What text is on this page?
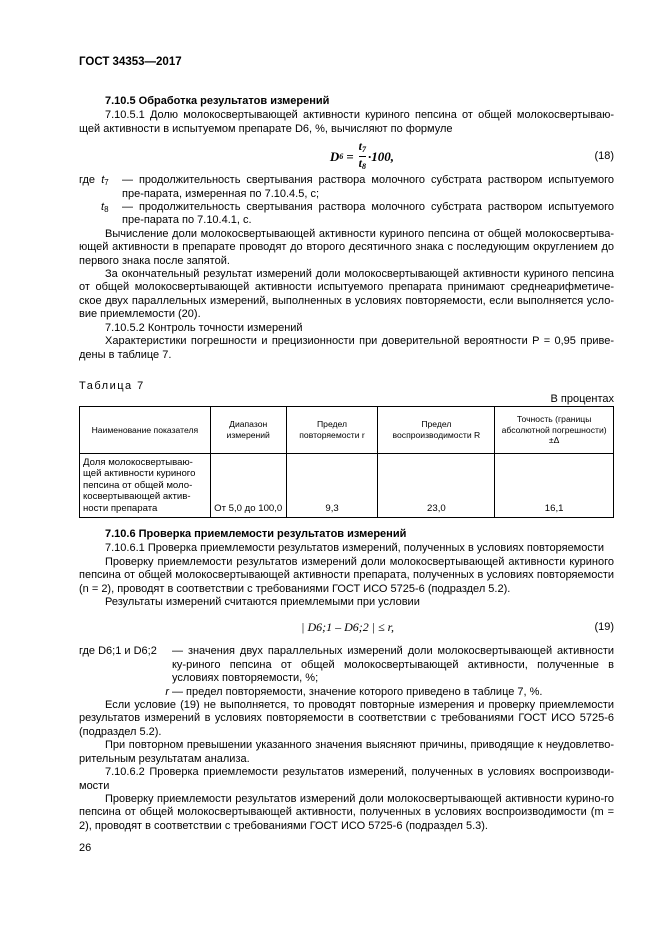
ГОСТ 34353—2017

7.10.5 Обработка результатов измерений

7.10.5.1 Долю молокосвертывающей активности куриного пепсина от общей молокосвертываю-щей активности в испытуемом препарате D6, %, вычисляют по формуле

D $6 = \frac{t_7}{t_8} \cdot 100$,	(18)
где $t_7$	— продолжительность свертывания раствора молочного субстрата раствором испытуемого пре-парата, измеренная по 7.10.4.5, с;
$t_8$	— продолжительность свертывания раствора молочного субстрата раствором испытуемого пре-парата по 7.10.4.1, с.

Вычисление доли молокосвертывающей активности куриного пепсина от общей молокосвертыва-ющей активности в препарате проводят до второго десятичного знака с последующим округлением до первого знака после запятой.

За окончательный результат измерений доли молокосвертывающей активности куриного пепсина от общей молокосвертывающей активности испытуемого препарата принимают среднеарифметиче-ское двух параллельных измерений, выполненных в условиях повторяемости, если выполняется усло-вие приемлемости (20).

7.10.5.2 Контроль точности измерений

Характеристики погрешности и прецизионности при доверительной вероятности P = 0,95 приве-дены в таблице 7.

Таблица 7
В процентах
Наименование показателя	Диапазон измерений	Предел повторяемости r	Предел воспроизводимости R	Точность (границы абсолютной погрешности) ±Δ
Доля молокосвертываю-щей активности куриного пепсина от общей моло-косвертывающей актив-ности препарата	От 5,0 до 100,0	9,3	23,0	16,1

7.10.6 Проверка приемлемости результатов измерений

7.10.6.1 Проверка приемлемости результатов измерений, полученных в условиях повторяемости

Проверку приемлемости результатов измерений доли молокосвертывающей активности куриного пепсина от общей молокосвертывающей активности препарата, полученных в условиях повторяемости (n = 2), проводят в соответствии с требованиями ГОСТ ИСО 5725-6 (подраздел 5.2).

Результаты измерений считаются приемлемыми при условии

| D6;1 – D6;2 | ≤ r,	(19)
где D6;1 и D6;2	— значения двух параллельных измерений доли молокосвертывающей активности ку-риного пепсина от общей молокосвертывающей активности, полученные в условиях повторяемости, %;
r — предел повторяемости, значение которого приведено в таблице 7, %.

Если условие (19) не выполняется, то проводят повторные измерения и проверку приемлемости результатов измерений в условиях повторяемости в соответствии с требованиями ГОСТ ИСО 5725-6 (подраздел 5.2).

При повторном превышении указанного значения выясняют причины, приводящие к неудовлетво-рительным результатам анализа.

7.10.6.2 Проверка приемлемости результатов измерений, полученных в условиях воспроизводи-мости

Проверку приемлемости результатов измерений доли молокосвертывающей активности курино-го пепсина от общей молокосвертывающей активности, полученных в условиях воспроизводимости (m = 2), проводят в соответствии с требованиями ГОСТ ИСО 5725-6 (подраздел 5.3).

26
